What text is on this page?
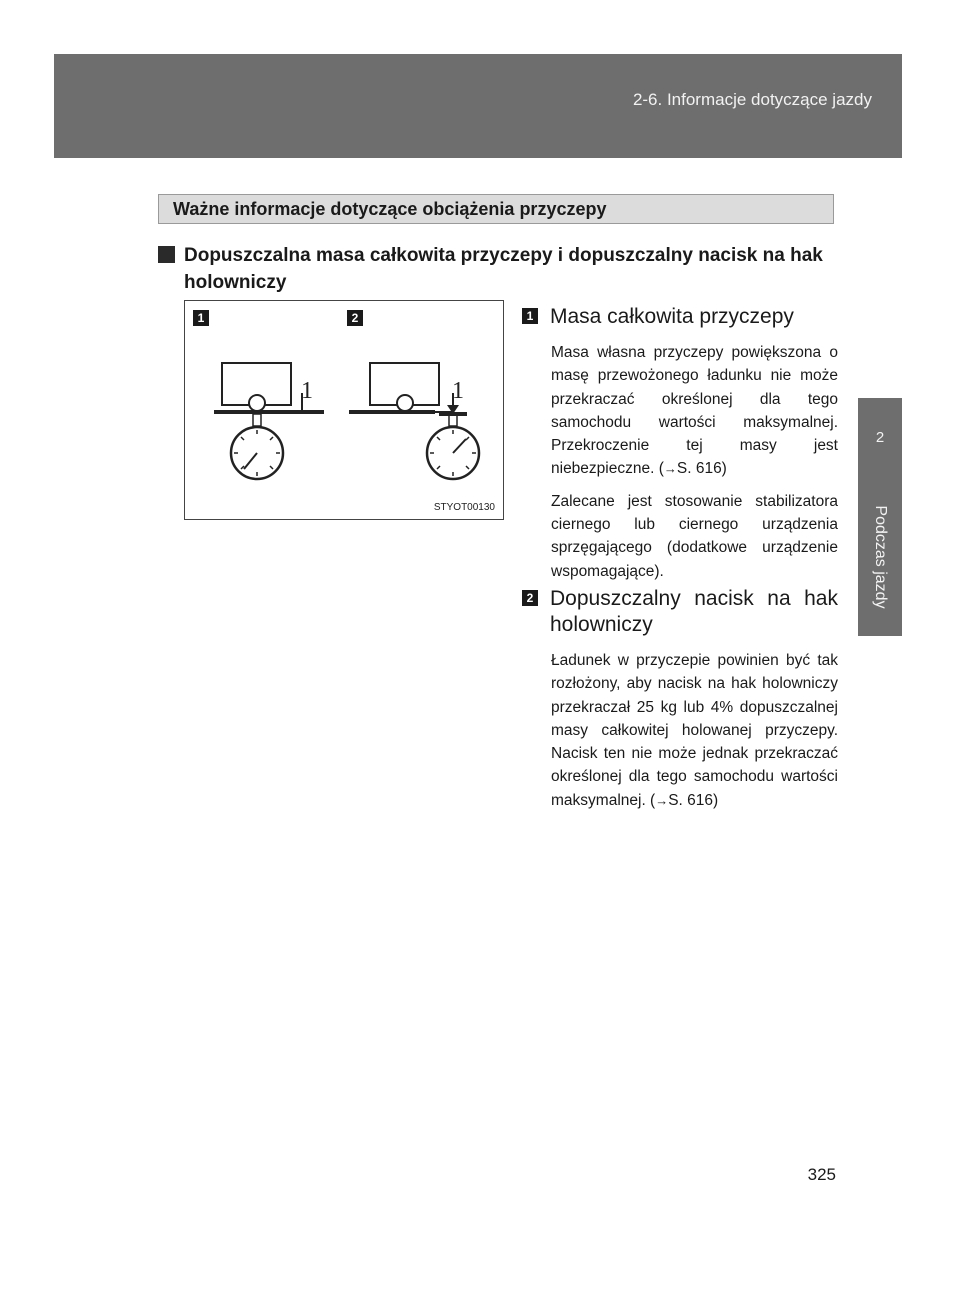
2-6. Informacje dotyczące jazdy
2
Podczas jazdy
Ważne informacje dotyczące obciążenia przyczepy
Dopuszczalna masa całkowita przyczepy i dopuszczalny nacisk na hak holowniczy
1	2
1	1
STYOT00130
1 Masa całkowita przyczepy

Masa własna przyczepy powiększona o masę przewożonego ładunku nie może przekraczać określonej dla tego samochodu wartości maksymalnej. Przekroczenie tej masy jest niebezpieczne. (→S. 616)

Zalecane jest stosowanie stabilizatora ciernego lub ciernego urządzenia sprzęgającego (dodatkowe urządzenie wspomagające).

2 Dopuszczalny nacisk na hak holowniczy

Ładunek w przyczepie powinien być tak rozłożony, aby nacisk na hak holowniczy przekraczał 25 kg lub 4% dopuszczalnej masy całkowitej holowanej przyczepy. Nacisk ten nie może jednak przekraczać określonej dla tego samochodu wartości maksymalnej. (→S. 616)

325
